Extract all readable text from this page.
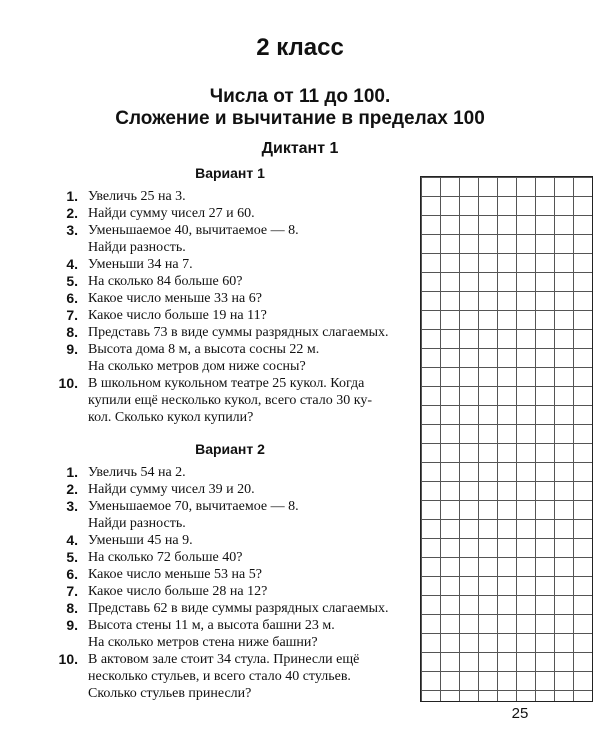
2 класс
Числа от 11 до 100.
Сложение и вычитание в пределах 100
Диктант 1
Вариант 1
1. Увеличь 25 на 3.
2. Найди сумму чисел 27 и 60.
3. Уменьшаемое 40, вычитаемое — 8.
Найди разность.
4. Уменьши 34 на 7.
5. На сколько 84 больше 60?
6. Какое число меньше 33 на 6?
7. Какое число больше 19 на 11?
8. Представь 73 в виде суммы разрядных слагаемых.
9. Высота дома 8 м, а высота сосны 22 м.
На сколько метров дом ниже сосны?
10. В школьном кукольном театре 25 кукол. Когда
купили ещё несколько кукол, всего стало 30 ку-
кол. Сколько кукол купили?
Вариант 2
1. Увеличь 54 на 2.
2. Найди сумму чисел 39 и 20.
3. Уменьшаемое 70, вычитаемое — 8.
Найди разность.
4. Уменьши 45 на 9.
5. На сколько 72 больше 40?
6. Какое число меньше 53 на 5?
7. Какое число больше 28 на 12?
8. Представь 62 в виде суммы разрядных слагаемых.
9. Высота стены 11 м, а высота башни 23 м.
На сколько метров стена ниже башни?
10. В актовом зале стоит 34 стула. Принесли ещё
несколько стульев, и всего стало 40 стульев.
Сколько стульев принесли?
25
